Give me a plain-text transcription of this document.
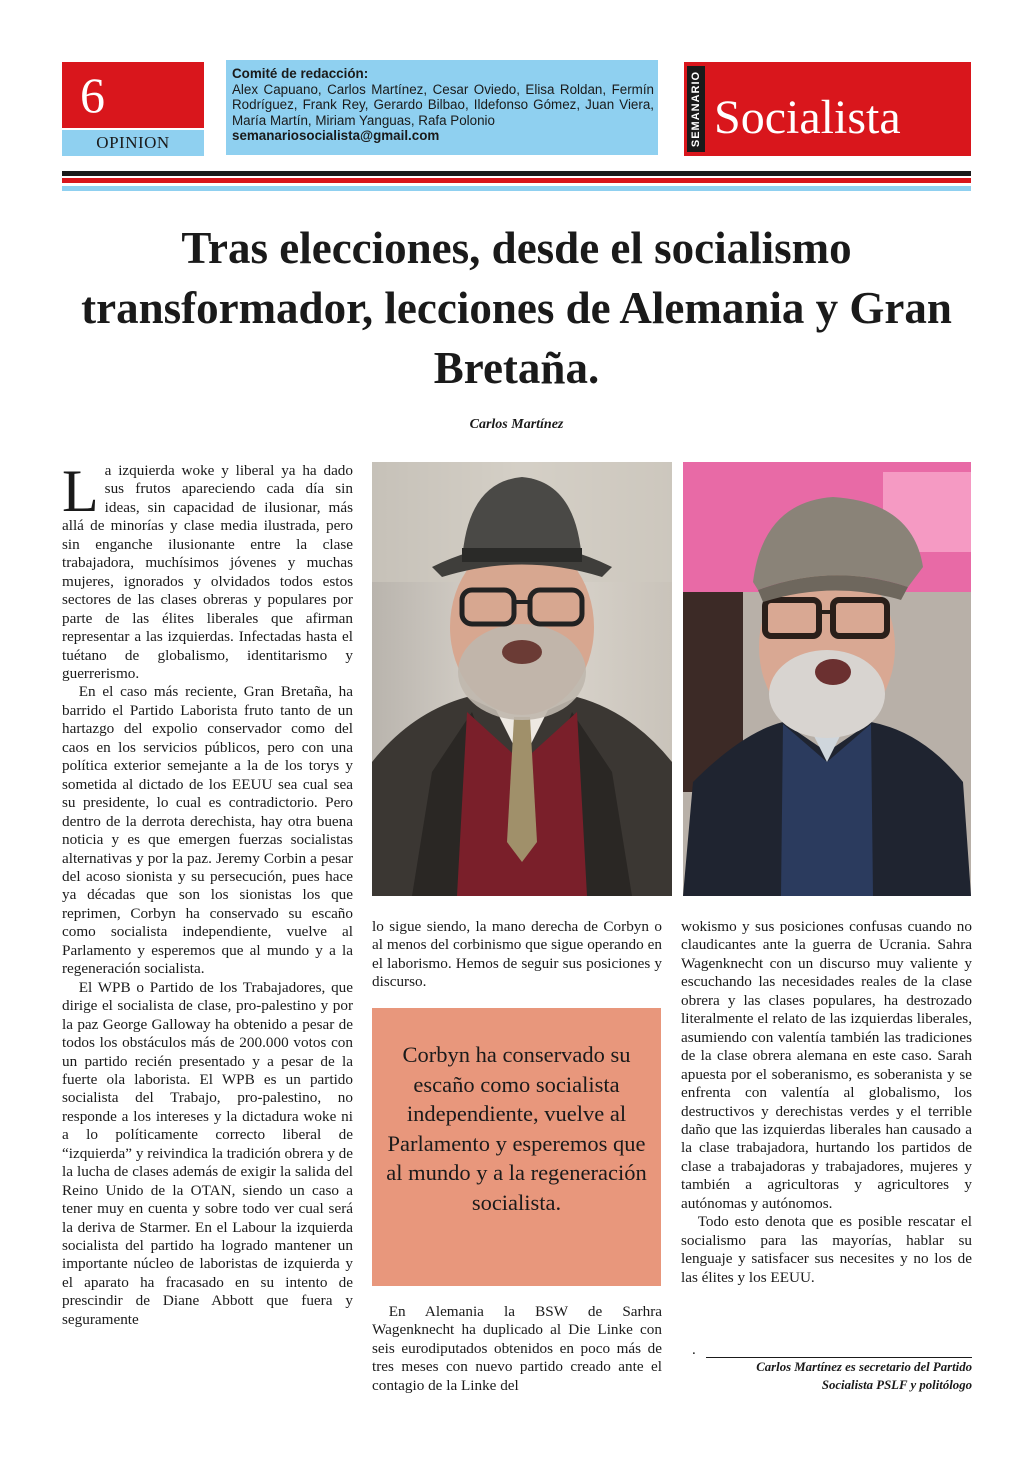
6
OPINION
Comité de redacción:
Alex Capuano, Carlos Martínez, Cesar Oviedo, Elisa Roldan, Fermín Rodríguez, Frank Rey, Gerardo Bilbao, Ildefonso Gómez, Juan Viera, María Martín, Miriam Yanguas, Rafa Polonio
semanariosocialista@gmail.com	SEMANARIO Socialista
Tras elecciones, desde el socialismo transformador, lecciones de Alemania y Gran Bretaña.
Carlos Martínez

La izquierda woke y liberal ya ha dado sus frutos apareciendo cada día sin ideas, sin capacidad de ilusionar, más allá de minorías y clase media ilustrada, pero sin enganche ilusionante entre la clase trabajadora, muchísimos jóvenes y muchas mujeres, ignorados y olvidados todos estos sectores de las clases obreras y populares por parte de las élites liberales que afirman representar a las izquierdas. Infectadas hasta el tuétano de globalismo, identitarismo y guerrerismo.

En el caso más reciente, Gran Bretaña, ha barrido el Partido Laborista fruto tanto de un hartazgo del expolio conservador como del caos en los servicios públicos, pero con una política exterior semejante a la de los torys y sometida al dictado de los EEUU sea cual sea su presidente, lo cual es contradictorio. Pero dentro de la derrota derechista, hay otra buena noticia y es que emergen fuerzas socialistas alternativas y por la paz. Jeremy Corbin a pesar del acoso sionista y su persecución, pues hace ya décadas que son los sionistas los que reprimen, Corbyn ha conservado su escaño como socialista independiente, vuelve al Parlamento y esperemos que al mundo y a la regeneración socialista.

El WPB o Partido de los Trabajadores, que dirige el socialista de clase, pro-palestino y por la paz George Galloway ha obtenido a pesar de todos los obstáculos más de 200.000 votos con un partido recién presentado y a pesar de la fuerte ola laborista. El WPB es un partido socialista del Trabajo, pro-palestino, no responde a los intereses y la dictadura woke ni a lo políticamente correcto liberal de “izquierda” y reivindica la tradición obrera y de la lucha de clases además de exigir la salida del Reino Unido de la OTAN, siendo un caso a tener muy en cuenta y sobre todo ver cual será la deriva de Starmer. En el Labour la izquierda socialista del partido ha logrado mantener un importante núcleo de laboristas de izquierda y el aparato ha fracasado en su intento de prescindir de Diane Abbott que fuera y seguramente

lo sigue siendo, la mano derecha de Corbyn o al menos del corbinismo que sigue operando en el laborismo. Hemos de seguir sus posiciones y discurso.

Corbyn ha conservado su escaño como socialista independiente, vuelve al Parlamento y esperemos que al mundo y a la regeneración socialista.

En Alemania la BSW de Sarhra Wagenknecht ha duplicado al Die Linke con seis eurodiputados obtenidos en poco más de tres meses con nuevo partido creado ante el contagio de la Linke del

wokismo y sus posiciones confusas cuando no claudicantes ante la guerra de Ucrania. Sahra Wagenknecht con un discurso muy valiente y escuchando las necesidades reales de la clase obrera y las clases populares, ha destrozado literalmente el relato de las izquierdas liberales, asumiendo con valentía también las tradiciones de la clase obrera alemana en este caso. Sarah apuesta por el soberanismo, es soberanista y se enfrenta con valentía al globalismo, los destructivos y derechistas verdes y el terrible daño que las izquierdas liberales han causado a la clase trabajadora, hurtando los partidos de clase a trabajadoras y trabajadores, mujeres y también a agricultoras y agricultores y autónomas y autónomos.

Todo esto denota que es posible rescatar el socialismo para las mayorías, hablar su lenguaje y satisfacer sus necesites y no los de las élites y los EEUU.

.
Carlos Martínez es secretario del Partido Socialista PSLF y politólogo
